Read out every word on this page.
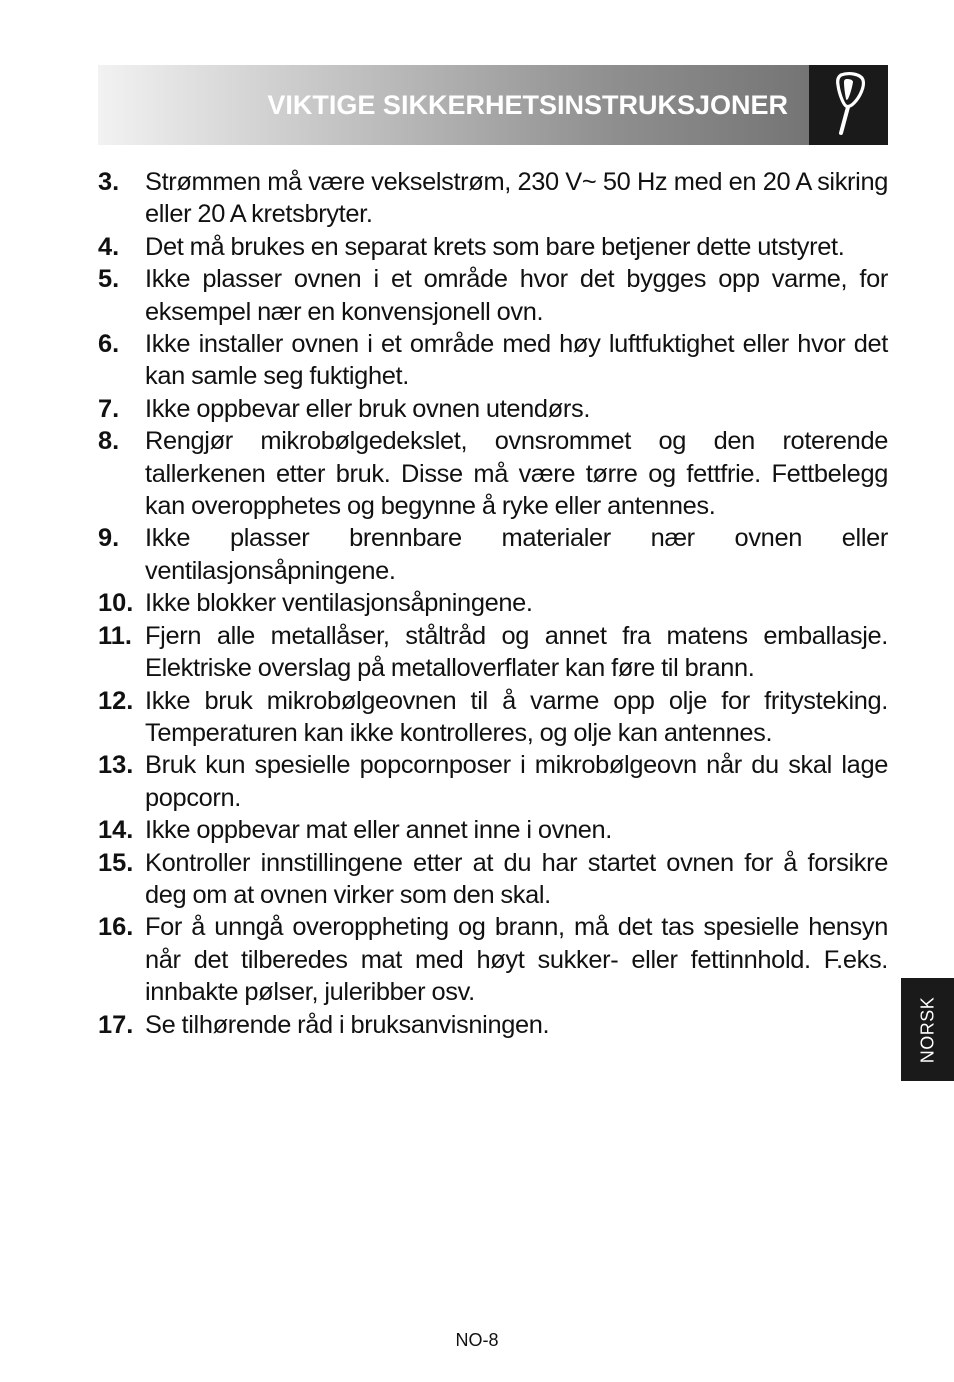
VIKTIGE SIKKERHETSINSTRUKSJONER
3.	Strømmen må være vekselstrøm, 230 V~ 50 Hz med en 20 A sikring eller 20 A kretsbryter.
4.	Det må brukes en separat krets som bare betjener dette utstyret.
5.	Ikke plasser ovnen i et område hvor det bygges opp varme, for eksempel nær en konvensjonell ovn.
6.	Ikke installer ovnen i et område med høy luftfuktighet eller hvor det kan samle seg fuktighet.
7.	Ikke oppbevar eller bruk ovnen utendørs.
8.	Rengjør mikrobølgedekslet, ovnsrommet og den roterende tallerkenen etter bruk. Disse må være tørre og fettfrie. Fettbelegg kan overopphetes og begynne å ryke eller antennes.
9.	Ikke plasser brennbare materialer nær ovnen eller ventilasjonsåpningene.
10. Ikke blokker ventilasjonsåpningene.
11. Fjern alle metallåser, ståltråd og annet fra matens emballasje. Elektriske overslag på metalloverflater kan føre til brann.
12. Ikke bruk mikrobølgeovnen til å varme opp olje for fritysteking. Temperaturen kan ikke kontrolleres, og olje kan antennes.
13. Bruk kun spesielle popcornposer i mikrobølgeovn når du skal lage popcorn.
14. Ikke oppbevar mat eller annet inne i ovnen.
15. Kontroller innstillingene etter at du har startet ovnen for å forsikre deg om at ovnen virker som den skal.
16. For å unngå overoppheting og brann, må det tas spesielle hensyn når det tilberedes mat med høyt sukker- eller fettinnhold. F.eks. innbakte pølser, juleribber osv.
17. Se tilhørende råd i bruksanvisningen.	NORSK
NO-8
